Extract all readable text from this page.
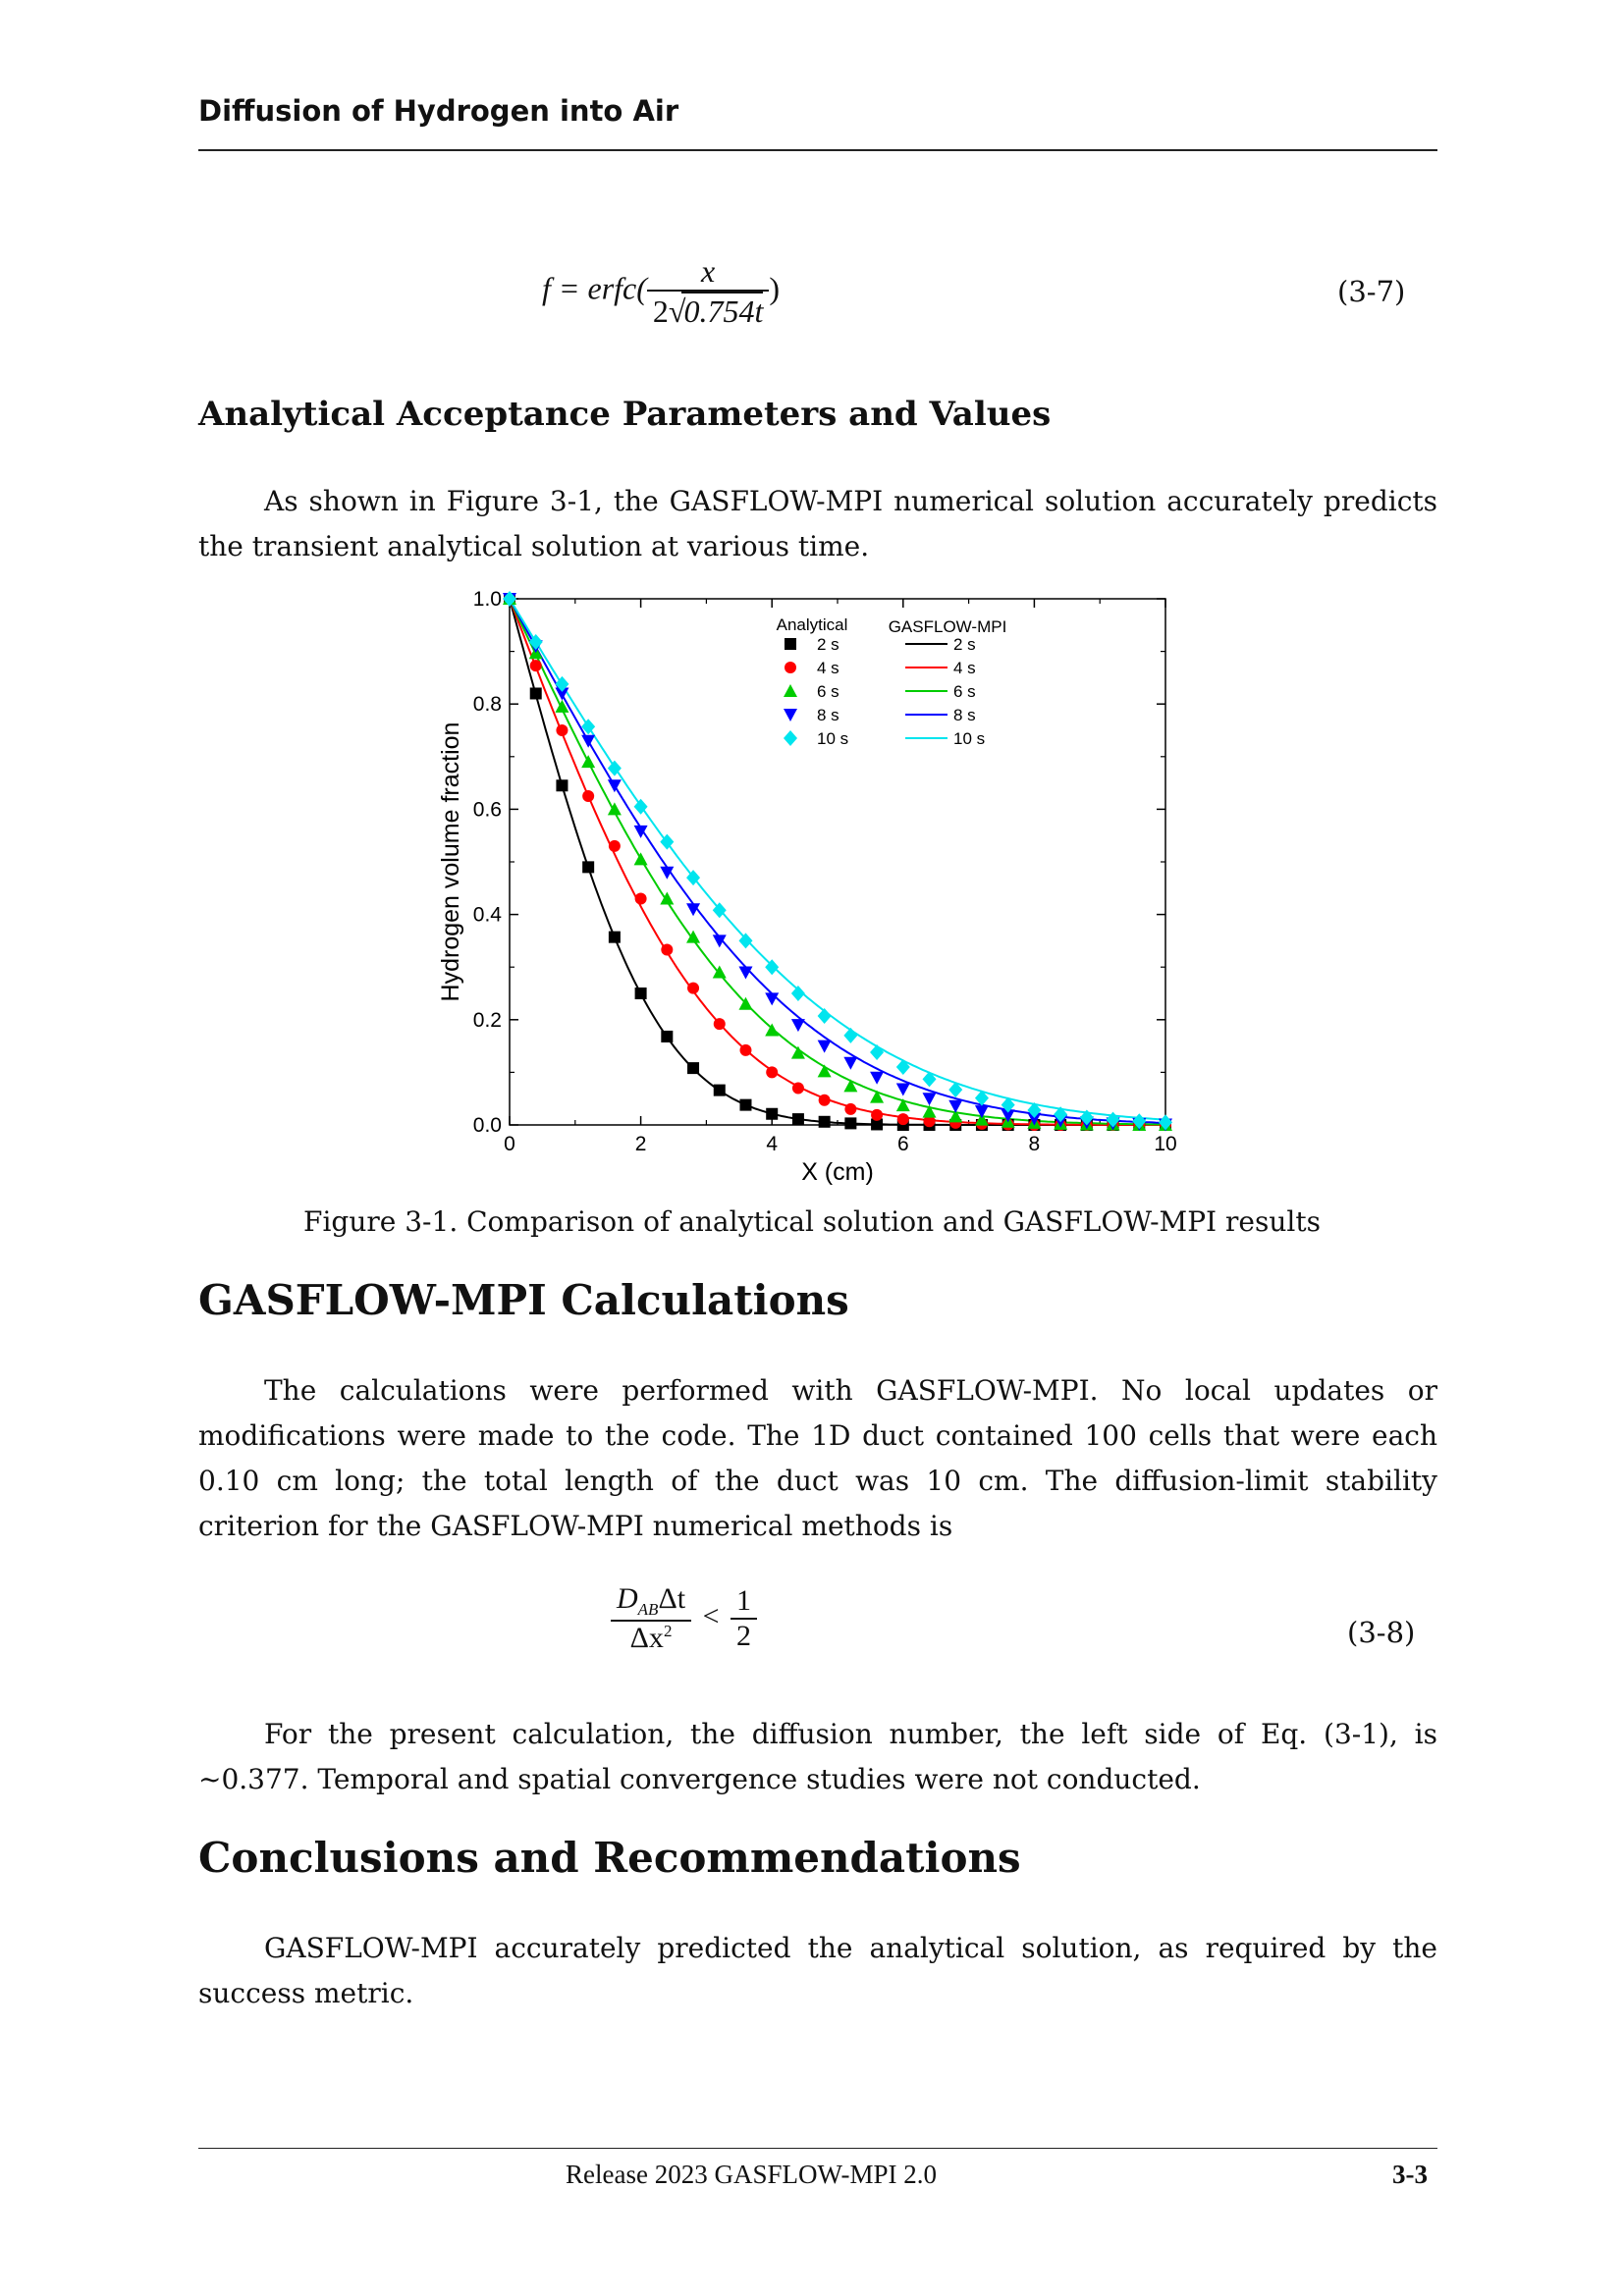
Diffusion of Hydrogen into Air
f = erfc( $\frac{x}{2√0.754t}$ )	(3-7)
Analytical Acceptance Parameters and Values

As shown in Figure 3-1, the GASFLOW-MPI numerical solution accurately predicts the transient analytical solution at various time.

0	2	4	6	8	10
0.0
0.2
0.4
0.6
0.8
1.0
X (cm)
Hydrogen volume fraction
Analytical GASFLOW-MPI
2 s	2 s
4 s	4 s
6 s	6 s
8 s	8 s
10 s	10 s
Figure 3-1. Comparison of analytical solution and GASFLOW-MPI results
GASFLOW-MPI Calculations

The calculations were performed with GASFLOW-MPI. No local updates or modifications were made to the code. The 1D duct contained 100 cells that were each 0.10 cm long; the total length of the duct was 10 cm. The diffusion-limit stability criterion for the GASFLOW-MPI numerical methods is

$\frac{D_{AB}\Delta t}{\Delta x^2} < \frac{1}{2}$	(3-8)

For the present calculation, the diffusion number, the left side of Eq. (3-1), is ~0.377. Temporal and spatial convergence studies were not conducted.

Conclusions and Recommendations

GASFLOW-MPI accurately predicted the analytical solution, as required by the success metric.

Release 2023 GASFLOW-MPI 2.0	3-3
